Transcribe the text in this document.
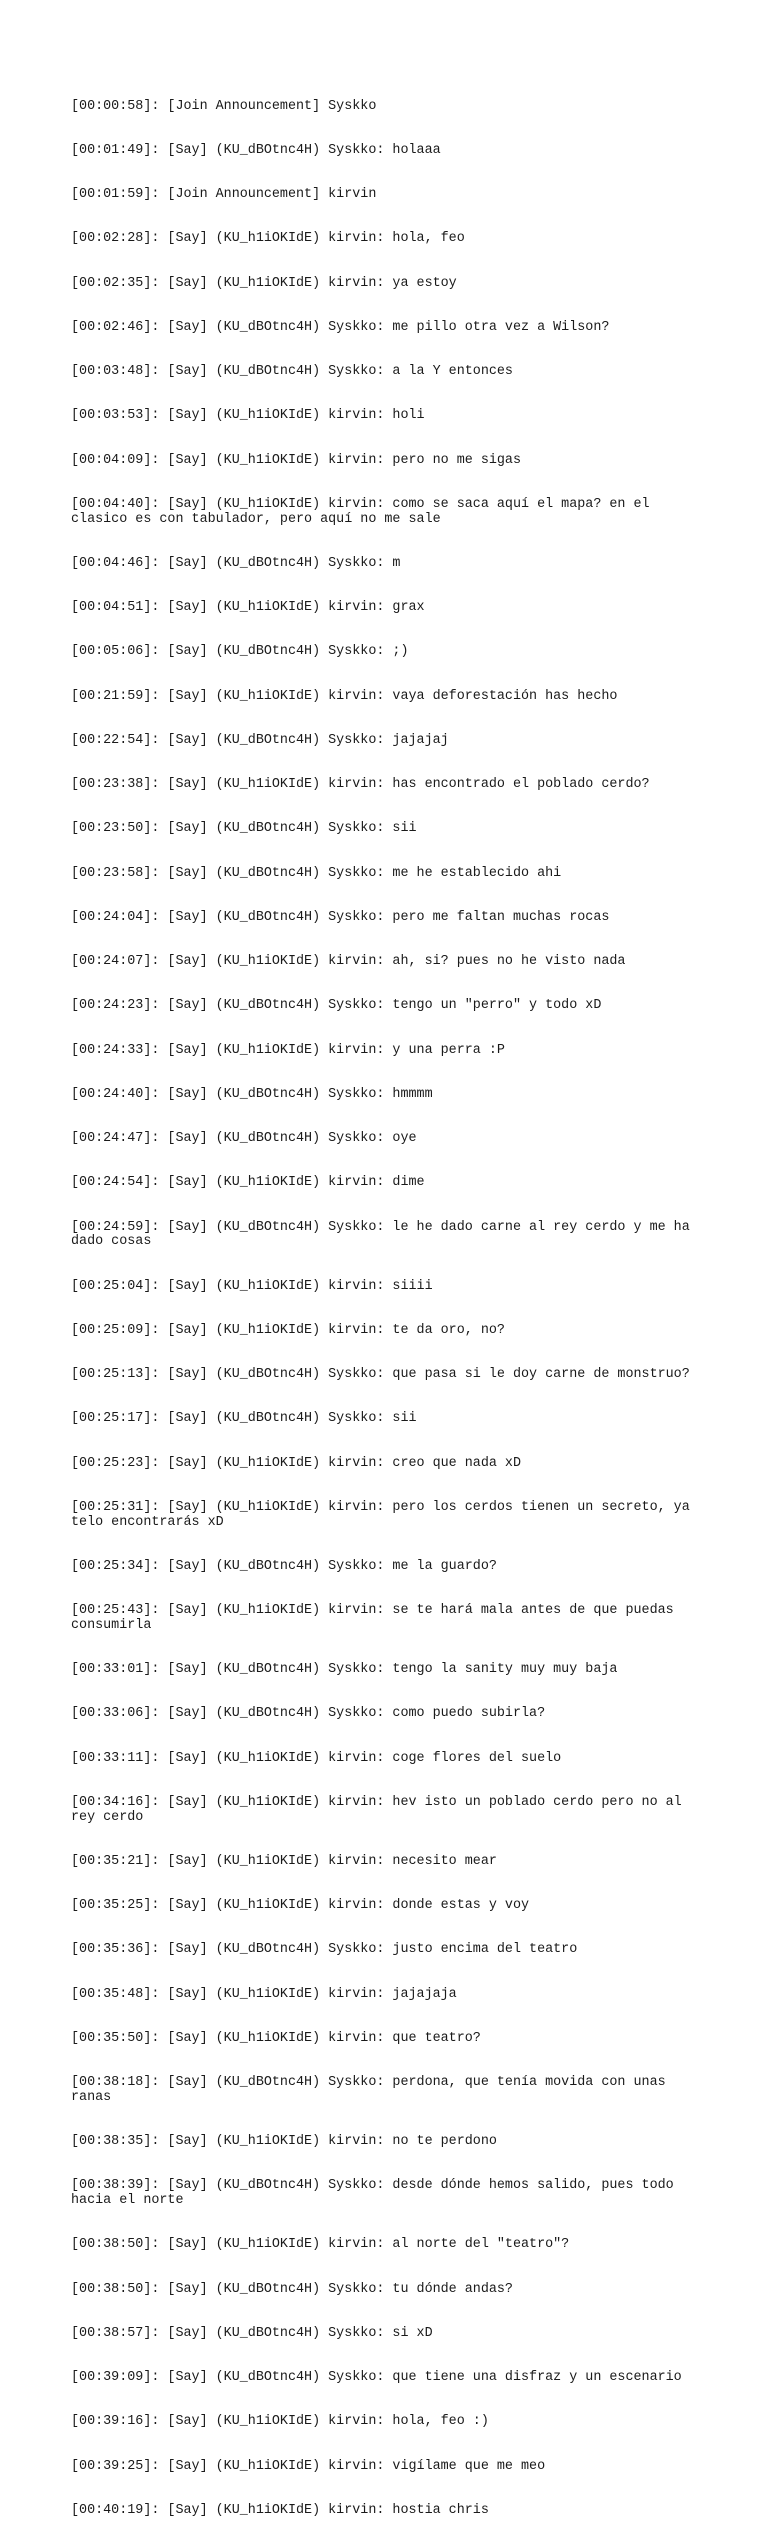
[00:00:58]: [Join Announcement] Syskko

[00:01:49]: [Say] (KU_dBOtnc4H) Syskko: holaaa

[00:01:59]: [Join Announcement] kirvin

[00:02:28]: [Say] (KU_h1iOKIdE) kirvin: hola, feo

[00:02:35]: [Say] (KU_h1iOKIdE) kirvin: ya estoy

[00:02:46]: [Say] (KU_dBOtnc4H) Syskko: me pillo otra vez a Wilson?

[00:03:48]: [Say] (KU_dBOtnc4H) Syskko: a la Y entonces

[00:03:53]: [Say] (KU_h1iOKIdE) kirvin: holi

[00:04:09]: [Say] (KU_h1iOKIdE) kirvin: pero no me sigas

[00:04:40]: [Say] (KU_h1iOKIdE) kirvin: como se saca aquí el mapa? en el clasico es con tabulador, pero aquí no me sale

[00:04:46]: [Say] (KU_dBOtnc4H) Syskko: m

[00:04:51]: [Say] (KU_h1iOKIdE) kirvin: grax

[00:05:06]: [Say] (KU_dBOtnc4H) Syskko: ;)

[00:21:59]: [Say] (KU_h1iOKIdE) kirvin: vaya deforestación has hecho

[00:22:54]: [Say] (KU_dBOtnc4H) Syskko: jajajaj

[00:23:38]: [Say] (KU_h1iOKIdE) kirvin: has encontrado el poblado cerdo?

[00:23:50]: [Say] (KU_dBOtnc4H) Syskko: sii

[00:23:58]: [Say] (KU_dBOtnc4H) Syskko: me he establecido ahi

[00:24:04]: [Say] (KU_dBOtnc4H) Syskko: pero me faltan muchas rocas

[00:24:07]: [Say] (KU_h1iOKIdE) kirvin: ah, si? pues no he visto nada

[00:24:23]: [Say] (KU_dBOtnc4H) Syskko: tengo un "perro" y todo xD

[00:24:33]: [Say] (KU_h1iOKIdE) kirvin: y una perra :P

[00:24:40]: [Say] (KU_dBOtnc4H) Syskko: hmmmm

[00:24:47]: [Say] (KU_dBOtnc4H) Syskko: oye

[00:24:54]: [Say] (KU_h1iOKIdE) kirvin: dime

[00:24:59]: [Say] (KU_dBOtnc4H) Syskko: le he dado carne al rey cerdo y me ha dado cosas

[00:25:04]: [Say] (KU_h1iOKIdE) kirvin: siiii

[00:25:09]: [Say] (KU_h1iOKIdE) kirvin: te da oro, no?

[00:25:13]: [Say] (KU_dBOtnc4H) Syskko: que pasa si le doy carne de monstruo?

[00:25:17]: [Say] (KU_dBOtnc4H) Syskko: sii

[00:25:23]: [Say] (KU_h1iOKIdE) kirvin: creo que nada xD

[00:25:31]: [Say] (KU_h1iOKIdE) kirvin: pero los cerdos tienen un secreto, ya telo encontrarás xD

[00:25:34]: [Say] (KU_dBOtnc4H) Syskko: me la guardo?

[00:25:43]: [Say] (KU_h1iOKIdE) kirvin: se te hará mala antes de que puedas consumirla

[00:33:01]: [Say] (KU_dBOtnc4H) Syskko: tengo la sanity muy muy baja

[00:33:06]: [Say] (KU_dBOtnc4H) Syskko: como puedo subirla?

[00:33:11]: [Say] (KU_h1iOKIdE) kirvin: coge flores del suelo

[00:34:16]: [Say] (KU_h1iOKIdE) kirvin: hev isto un poblado cerdo pero no al rey cerdo

[00:35:21]: [Say] (KU_h1iOKIdE) kirvin: necesito mear

[00:35:25]: [Say] (KU_h1iOKIdE) kirvin: donde estas y voy

[00:35:36]: [Say] (KU_dBOtnc4H) Syskko: justo encima del teatro

[00:35:48]: [Say] (KU_h1iOKIdE) kirvin: jajajaja

[00:35:50]: [Say] (KU_h1iOKIdE) kirvin: que teatro?

[00:38:18]: [Say] (KU_dBOtnc4H) Syskko: perdona, que tenía movida con unas ranas

[00:38:35]: [Say] (KU_h1iOKIdE) kirvin: no te perdono

[00:38:39]: [Say] (KU_dBOtnc4H) Syskko: desde dónde hemos salido, pues todo hacia el norte

[00:38:50]: [Say] (KU_h1iOKIdE) kirvin: al norte del "teatro"?

[00:38:50]: [Say] (KU_dBOtnc4H) Syskko: tu dónde andas?

[00:38:57]: [Say] (KU_dBOtnc4H) Syskko: si xD

[00:39:09]: [Say] (KU_dBOtnc4H) Syskko: que tiene una disfraz y un escenario

[00:39:16]: [Say] (KU_h1iOKIdE) kirvin: hola, feo :)

[00:39:25]: [Say] (KU_h1iOKIdE) kirvin: vigílame que me meo

[00:40:19]: [Say] (KU_h1iOKIdE) kirvin: hostia chris
